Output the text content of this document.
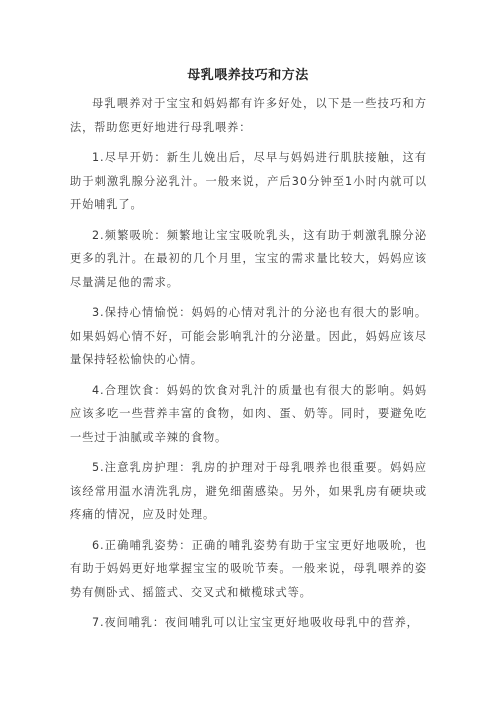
母乳喂养技巧和方法

母乳喂养对于宝宝和妈妈都有许多好处，以下是一些技巧和方法，帮助您更好地进行母乳喂养：

1.尽早开奶：新生儿娩出后，尽早与妈妈进行肌肤接触，这有助于刺激乳腺分泌乳汁。一般来说，产后30分钟至1小时内就可以开始哺乳了。

2.频繁吸吮：频繁地让宝宝吸吮乳头，这有助于刺激乳腺分泌更多的乳汁。在最初的几个月里，宝宝的需求量比较大，妈妈应该尽量满足他的需求。

3.保持心情愉悦：妈妈的心情对乳汁的分泌也有很大的影响。如果妈妈心情不好，可能会影响乳汁的分泌量。因此，妈妈应该尽量保持轻松愉快的心情。

4.合理饮食：妈妈的饮食对乳汁的质量也有很大的影响。妈妈应该多吃一些营养丰富的食物，如肉、蛋、奶等。同时，要避免吃一些过于油腻或辛辣的食物。

5.注意乳房护理：乳房的护理对于母乳喂养也很重要。妈妈应该经常用温水清洗乳房，避免细菌感染。另外，如果乳房有硬块或疼痛的情况，应及时处理。

6.正确哺乳姿势：正确的哺乳姿势有助于宝宝更好地吸吮，也有助于妈妈更好地掌握宝宝的吸吮节奏。一般来说，母乳喂养的姿势有侧卧式、摇篮式、交叉式和橄榄球式等。

7.夜间哺乳：夜间哺乳可以让宝宝更好地吸收母乳中的营养，
